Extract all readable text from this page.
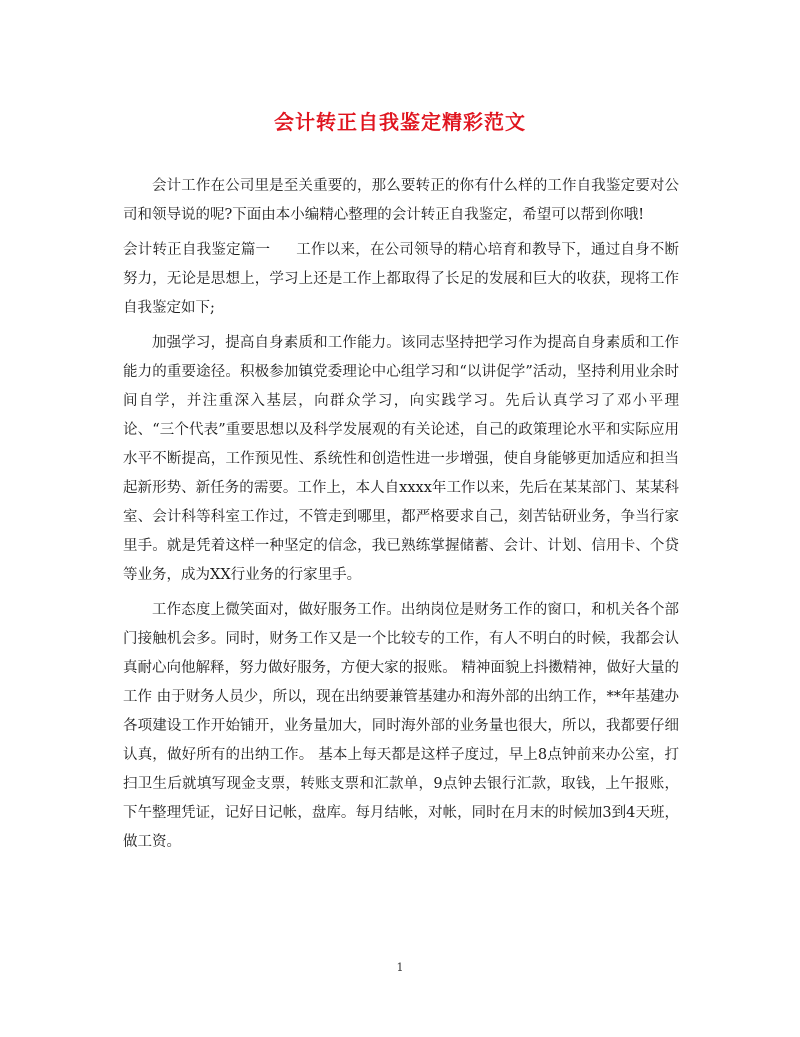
会计转正自我鉴定精彩范文

会计工作在公司里是至关重要的，那么要转正的你有什么样的工作自我鉴定要对公司和领导说的呢?下面由本小编精心整理的会计转正自我鉴定，希望可以帮到你哦!

会计转正自我鉴定篇一 工作以来，在公司领导的精心培育和教导下，通过自身不断努力，无论是思想上，学习上还是工作上都取得了长足的发展和巨大的收获，现将工作自我鉴定如下;

加强学习，提高自身素质和工作能力。该同志坚持把学习作为提高自身素质和工作能力的重要途径。积极参加镇党委理论中心组学习和“以讲促学”活动，坚持利用业余时间自学，并注重深入基层，向群众学习，向实践学习。先后认真学习了邓小平理论、“三个代表”重要思想以及科学发展观的有关论述，自己的政策理论水平和实际应用水平不断提高，工作预见性、系统性和创造性进一步增强，使自身能够更加适应和担当起新形势、新任务的需要。工作上，本人自xxxx年工作以来，先后在某某部门、某某科室、会计科等科室工作过，不管走到哪里，都严格要求自己，刻苦钻研业务，争当行家里手。就是凭着这样一种坚定的信念，我已熟练掌握储蓄、会计、计划、信用卡、个贷等业务，成为XX行业务的行家里手。

工作态度上微笑面对，做好服务工作。出纳岗位是财务工作的窗口，和机关各个部门接触机会多。同时，财务工作又是一个比较专的工作，有人不明白的时候，我都会认真耐心向他解释，努力做好服务，方便大家的报账。 精神面貌上抖擞精神，做好大量的工作 由于财务人员少，所以，现在出纳要兼管基建办和海外部的出纳工作，**年基建办各项建设工作开始铺开，业务量加大，同时海外部的业务量也很大，所以，我都要仔细认真，做好所有的出纳工作。 基本上每天都是这样子度过，早上8点钟前来办公室，打扫卫生后就填写现金支票，转账支票和汇款单，9点钟去银行汇款，取钱，上午报账，下午整理凭证，记好日记帐，盘库。每月结帐，对帐，同时在月末的时候加3到4天班，做工资。

1
